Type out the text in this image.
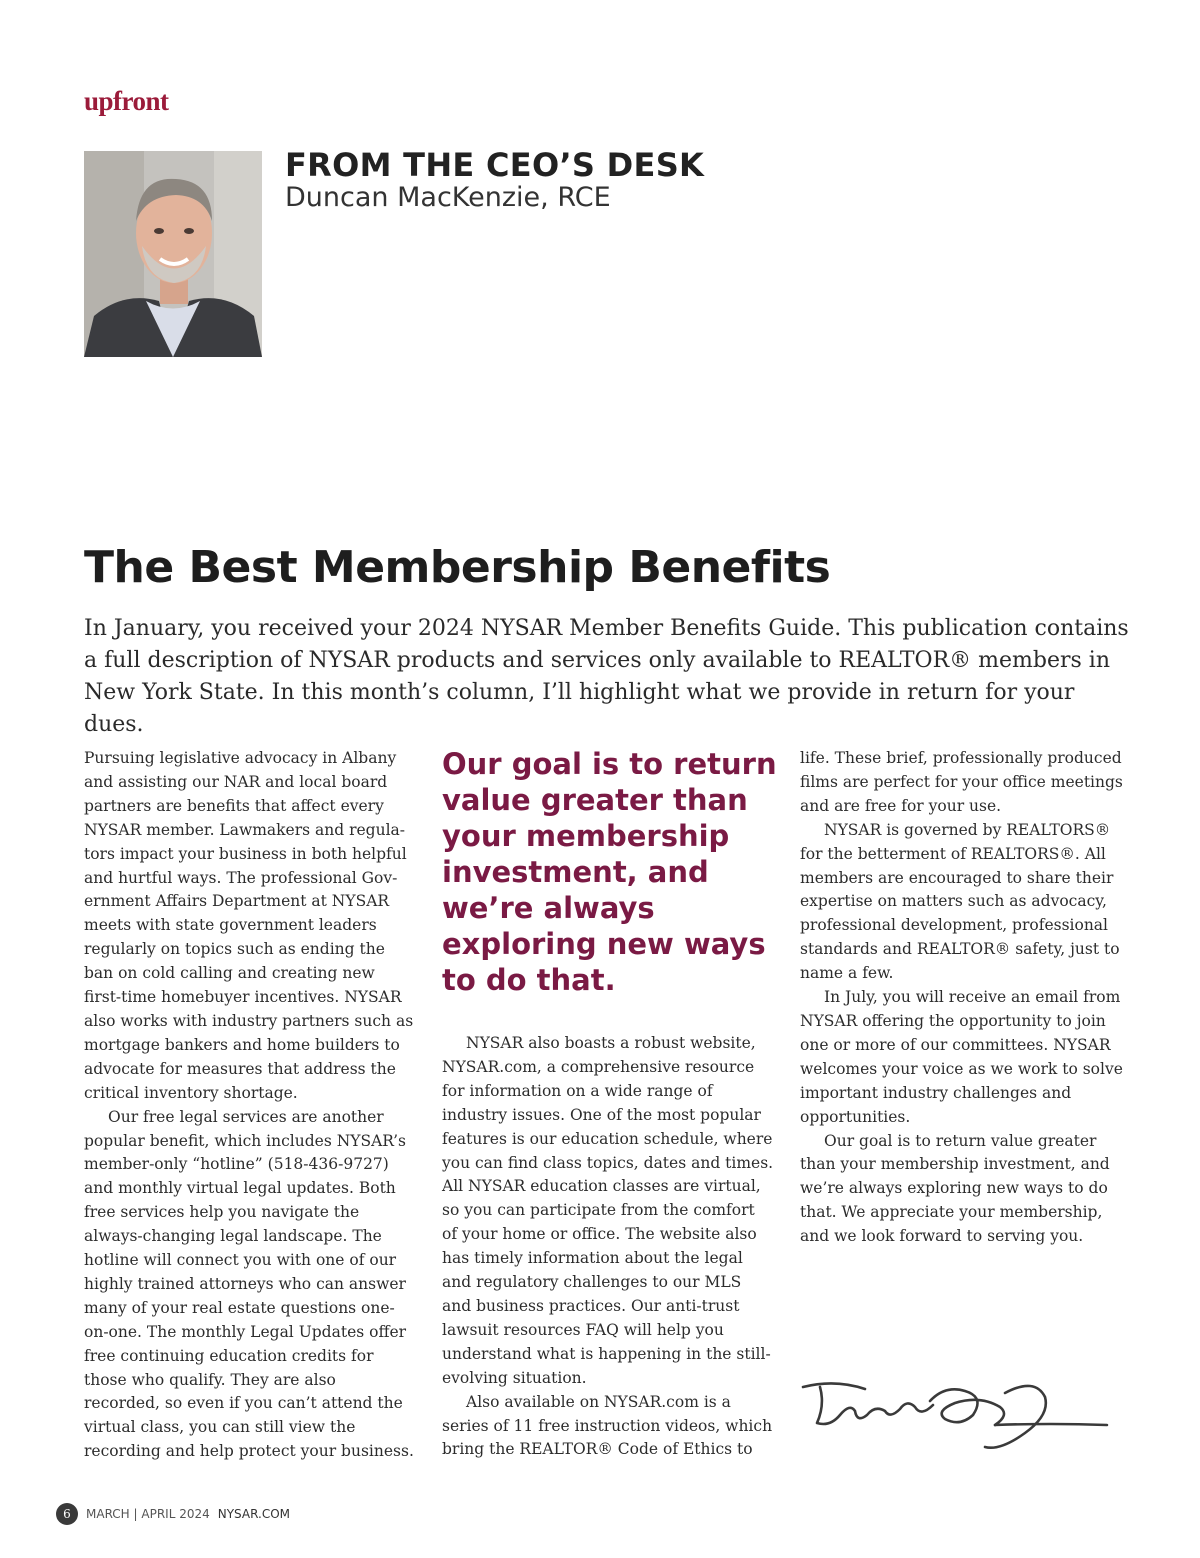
upfront
FROM THE CEO’S DESK
Duncan MacKenzie, RCE
The Best Membership Benefits
In January, you received your 2024 NYSAR Member Benefits Guide. This publication contains a full description of NYSAR products and services only available to REALTOR® members in New York State. In this month’s column, I’ll highlight what we provide in return for your dues.

Pursuing legislative advocacy in Albany and assisting our NAR and local board partners are benefits that affect every NYSAR member. Lawmakers and regulators impact your business in both helpful and hurtful ways. The professional Government Affairs Department at NYSAR meets with state government leaders regularly on topics such as ending the ban on cold calling and creating new first-time homebuyer incentives. NYSAR also works with industry partners such as mortgage bankers and home builders to advocate for measures that address the critical inventory shortage.

Our free legal services are another popular benefit, which includes NYSAR’s member-only “hotline” (518-436-9727) and monthly virtual legal updates. Both free services help you navigate the always-changing legal landscape. The hotline will connect you with one of our highly trained attorneys who can answer many of your real estate questions one-on-one. The monthly Legal Updates offer free continuing education credits for those who qualify. They are also recorded, so even if you can’t attend the virtual class, you can still view the recording and help protect your business.

Our goal is to return value greater than your membership investment, and we’re always exploring new ways to do that.

NYSAR also boasts a robust website, NYSAR.com, a comprehensive resource for information on a wide range of industry issues. One of the most popular features is our education schedule, where you can find class topics, dates and times. All NYSAR education classes are virtual, so you can participate from the comfort of your home or office. The website also has timely information about the legal and regulatory challenges to our MLS and business practices. Our anti-trust lawsuit resources FAQ will help you understand what is happening in the still-evolving situation.

Also available on NYSAR.com is a series of 11 free instruction videos, which bring the REALTOR® Code of Ethics to

life. These brief, professionally produced films are perfect for your office meetings and are free for your use.

NYSAR is governed by REALTORS® for the betterment of REALTORS®. All members are encouraged to share their expertise on matters such as advocacy, professional development, professional standards and REALTOR® safety, just to name a few.

In July, you will receive an email from NYSAR offering the opportunity to join one or more of our committees. NYSAR welcomes your voice as we work to solve important industry challenges and opportunities.

Our goal is to return value greater than your membership investment, and we’re always exploring new ways to do that. We appreciate your membership, and we look forward to serving you.

6	MARCH | APRIL 2024 NYSAR.COM
